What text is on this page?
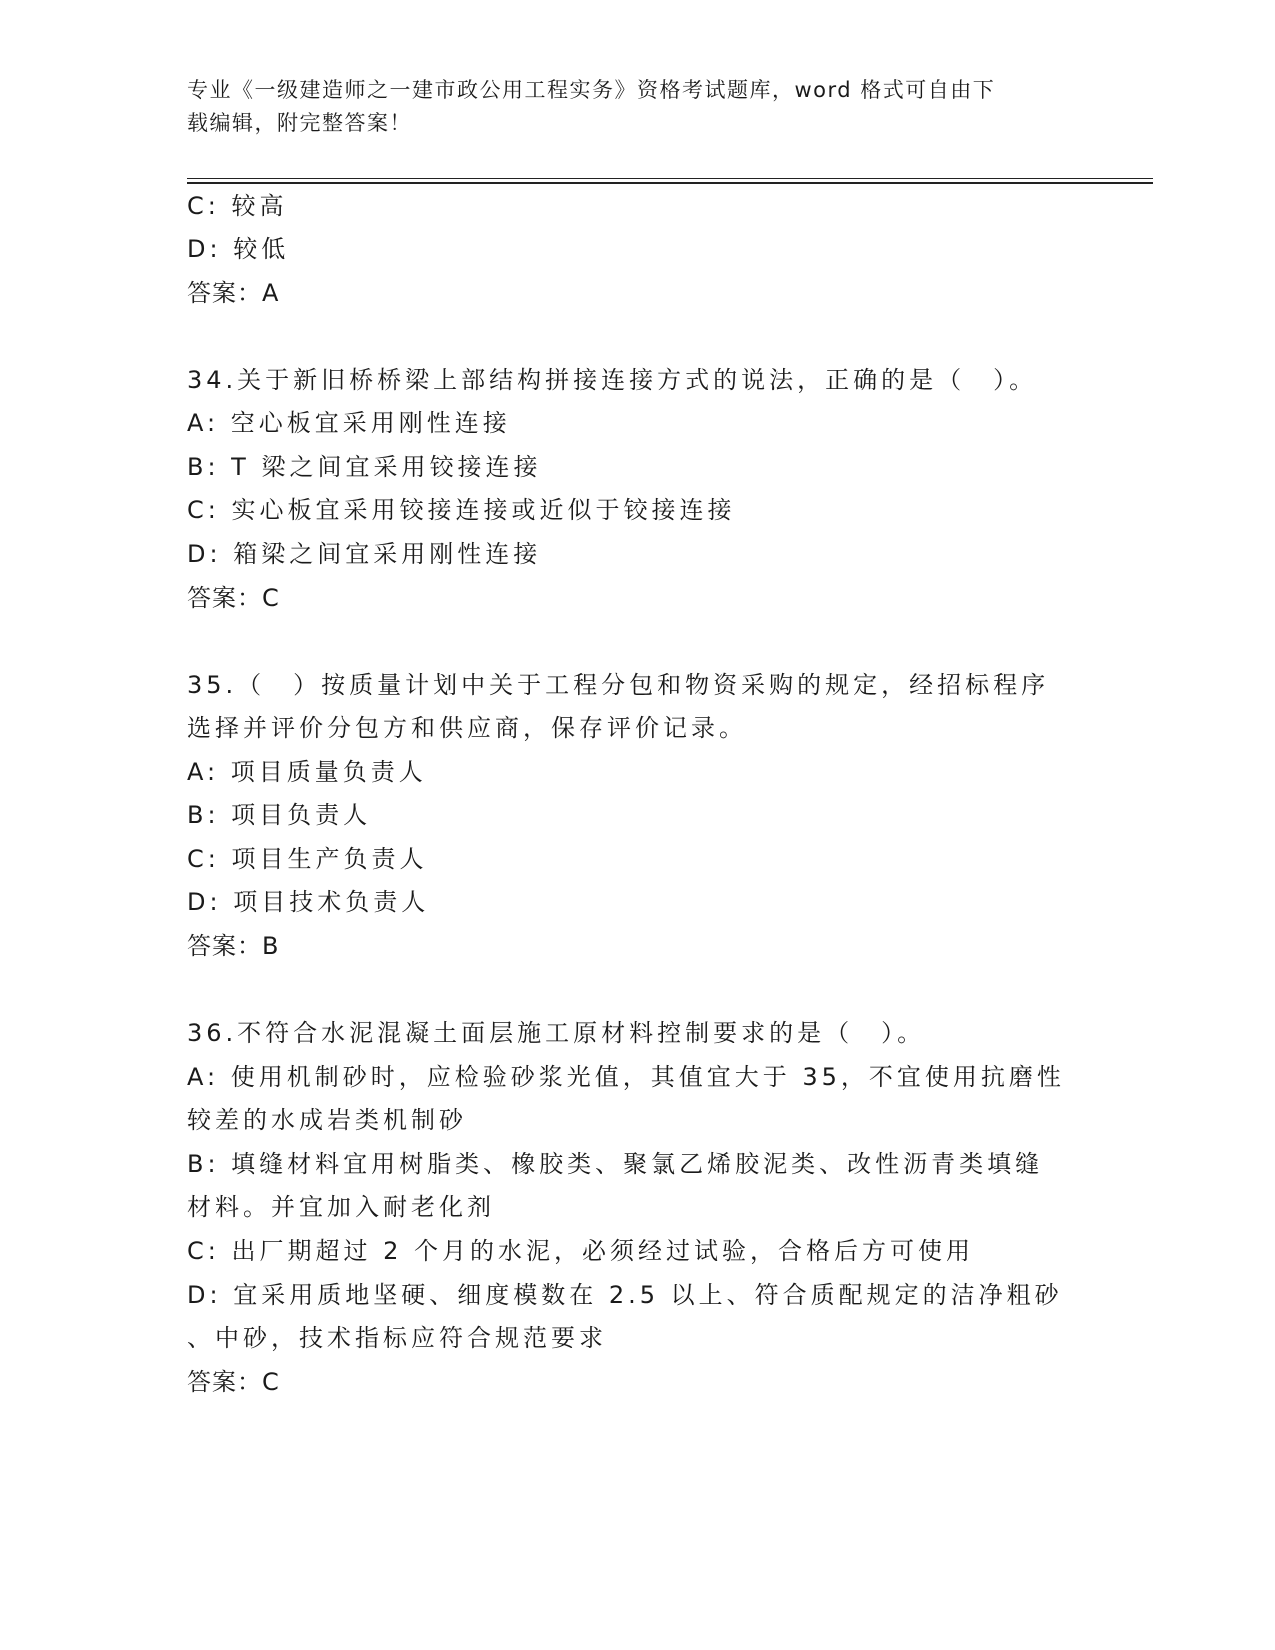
专业《一级建造师之一建市政公用工程实务》资格考试题库，word 格式可自由下
载编辑，附完整答案！
C: 较高
D: 较低
答案：A
34.关于新旧桥桥梁上部结构拼接连接方式的说法，正确的是（　）。
A: 空心板宜采用刚性连接
B: T 梁之间宜采用铰接连接
C: 实心板宜采用铰接连接或近似于铰接连接
D: 箱梁之间宜采用刚性连接
答案：C
35.（　）按质量计划中关于工程分包和物资采购的规定，经招标程序
选择并评价分包方和供应商，保存评价记录。
A: 项目质量负责人
B: 项目负责人
C: 项目生产负责人
D: 项目技术负责人
答案：B
36.不符合水泥混凝土面层施工原材料控制要求的是（　）。
A: 使用机制砂时，应检验砂浆光值，其值宜大于 35，不宜使用抗磨性
较差的水成岩类机制砂
B: 填缝材料宜用树脂类、橡胶类、聚氯乙烯胶泥类、改性沥青类填缝
材料。并宜加入耐老化剂
C: 出厂期超过 2 个月的水泥，必须经过试验，合格后方可使用
D: 宜采用质地坚硬、细度模数在 2.5 以上、符合质配规定的洁净粗砂
、中砂，技术指标应符合规范要求
答案：C
